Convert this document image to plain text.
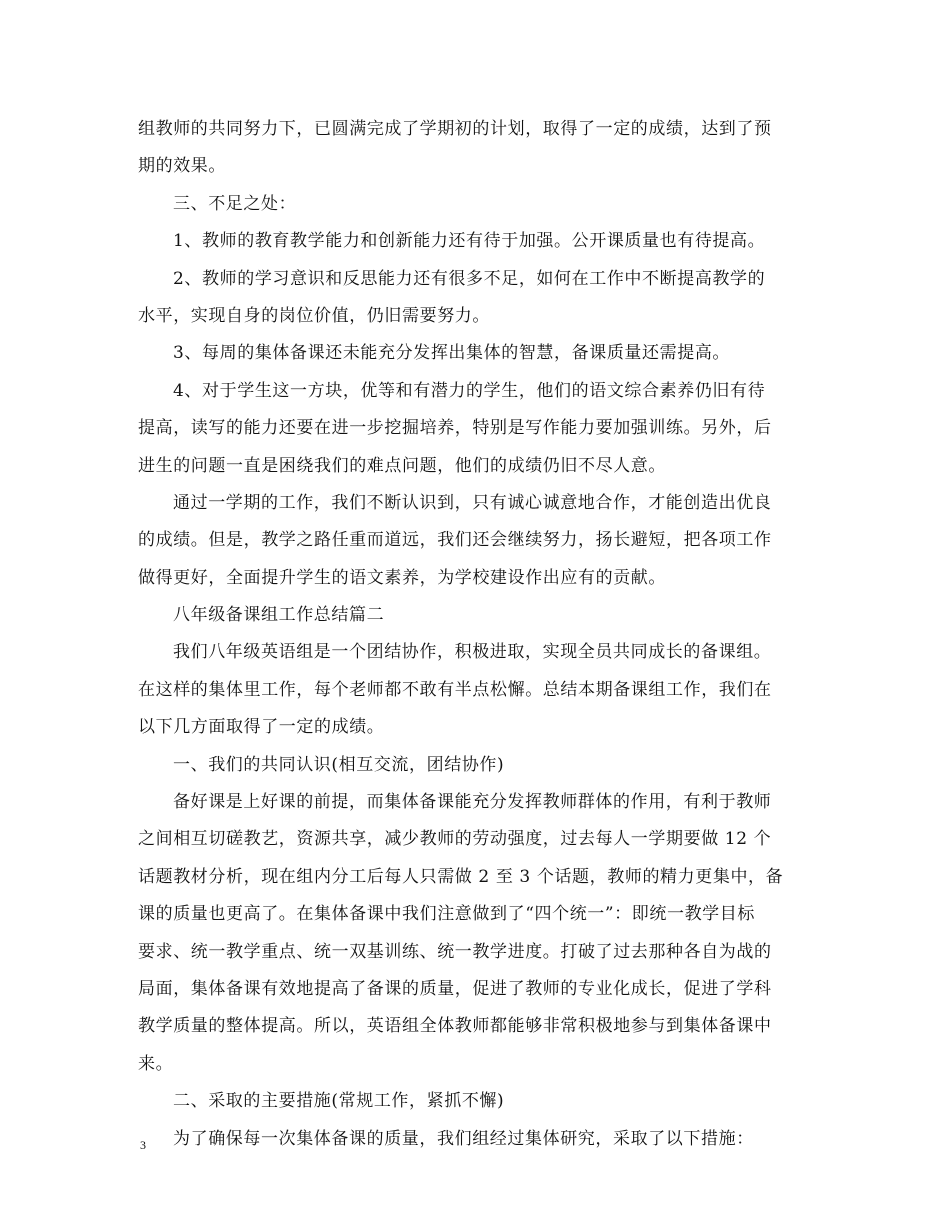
组教师的共同努力下，已圆满完成了学期初的计划，取得了一定的成绩，达到了预
期的效果。
三、不足之处：
1、教师的教育教学能力和创新能力还有待于加强。公开课质量也有待提高。
2、教师的学习意识和反思能力还有很多不足，如何在工作中不断提高教学的
水平，实现自身的岗位价值，仍旧需要努力。
3、每周的集体备课还未能充分发挥出集体的智慧，备课质量还需提高。
4、对于学生这一方块，优等和有潜力的学生，他们的语文综合素养仍旧有待
提高，读写的能力还要在进一步挖掘培养，特别是写作能力要加强训练。另外，后
进生的问题一直是困绕我们的难点问题，他们的成绩仍旧不尽人意。
通过一学期的工作，我们不断认识到，只有诚心诚意地合作，才能创造出优良
的成绩。但是，教学之路任重而道远，我们还会继续努力，扬长避短，把各项工作
做得更好，全面提升学生的语文素养，为学校建设作出应有的贡献。
八年级备课组工作总结篇二
我们八年级英语组是一个团结协作，积极进取，实现全员共同成长的备课组。
在这样的集体里工作，每个老师都不敢有半点松懈。总结本期备课组工作，我们在
以下几方面取得了一定的成绩。
一、我们的共同认识(相互交流，团结协作)
备好课是上好课的前提，而集体备课能充分发挥教师群体的作用，有利于教师
之间相互切磋教艺，资源共享，减少教师的劳动强度，过去每人一学期要做 12 个
话题教材分析，现在组内分工后每人只需做 2 至 3 个话题，教师的精力更集中，备
课的质量也更高了。在集体备课中我们注意做到了“四个统一”：即统一教学目标
要求、统一教学重点、统一双基训练、统一教学进度。打破了过去那种各自为战的
局面，集体备课有效地提高了备课的质量，促进了教师的专业化成长，促进了学科
教学质量的整体提高。所以，英语组全体教师都能够非常积极地参与到集体备课中
来。
二、采取的主要措施(常规工作，紧抓不懈)
为了确保每一次集体备课的质量，我们组经过集体研究，采取了以下措施：
3
